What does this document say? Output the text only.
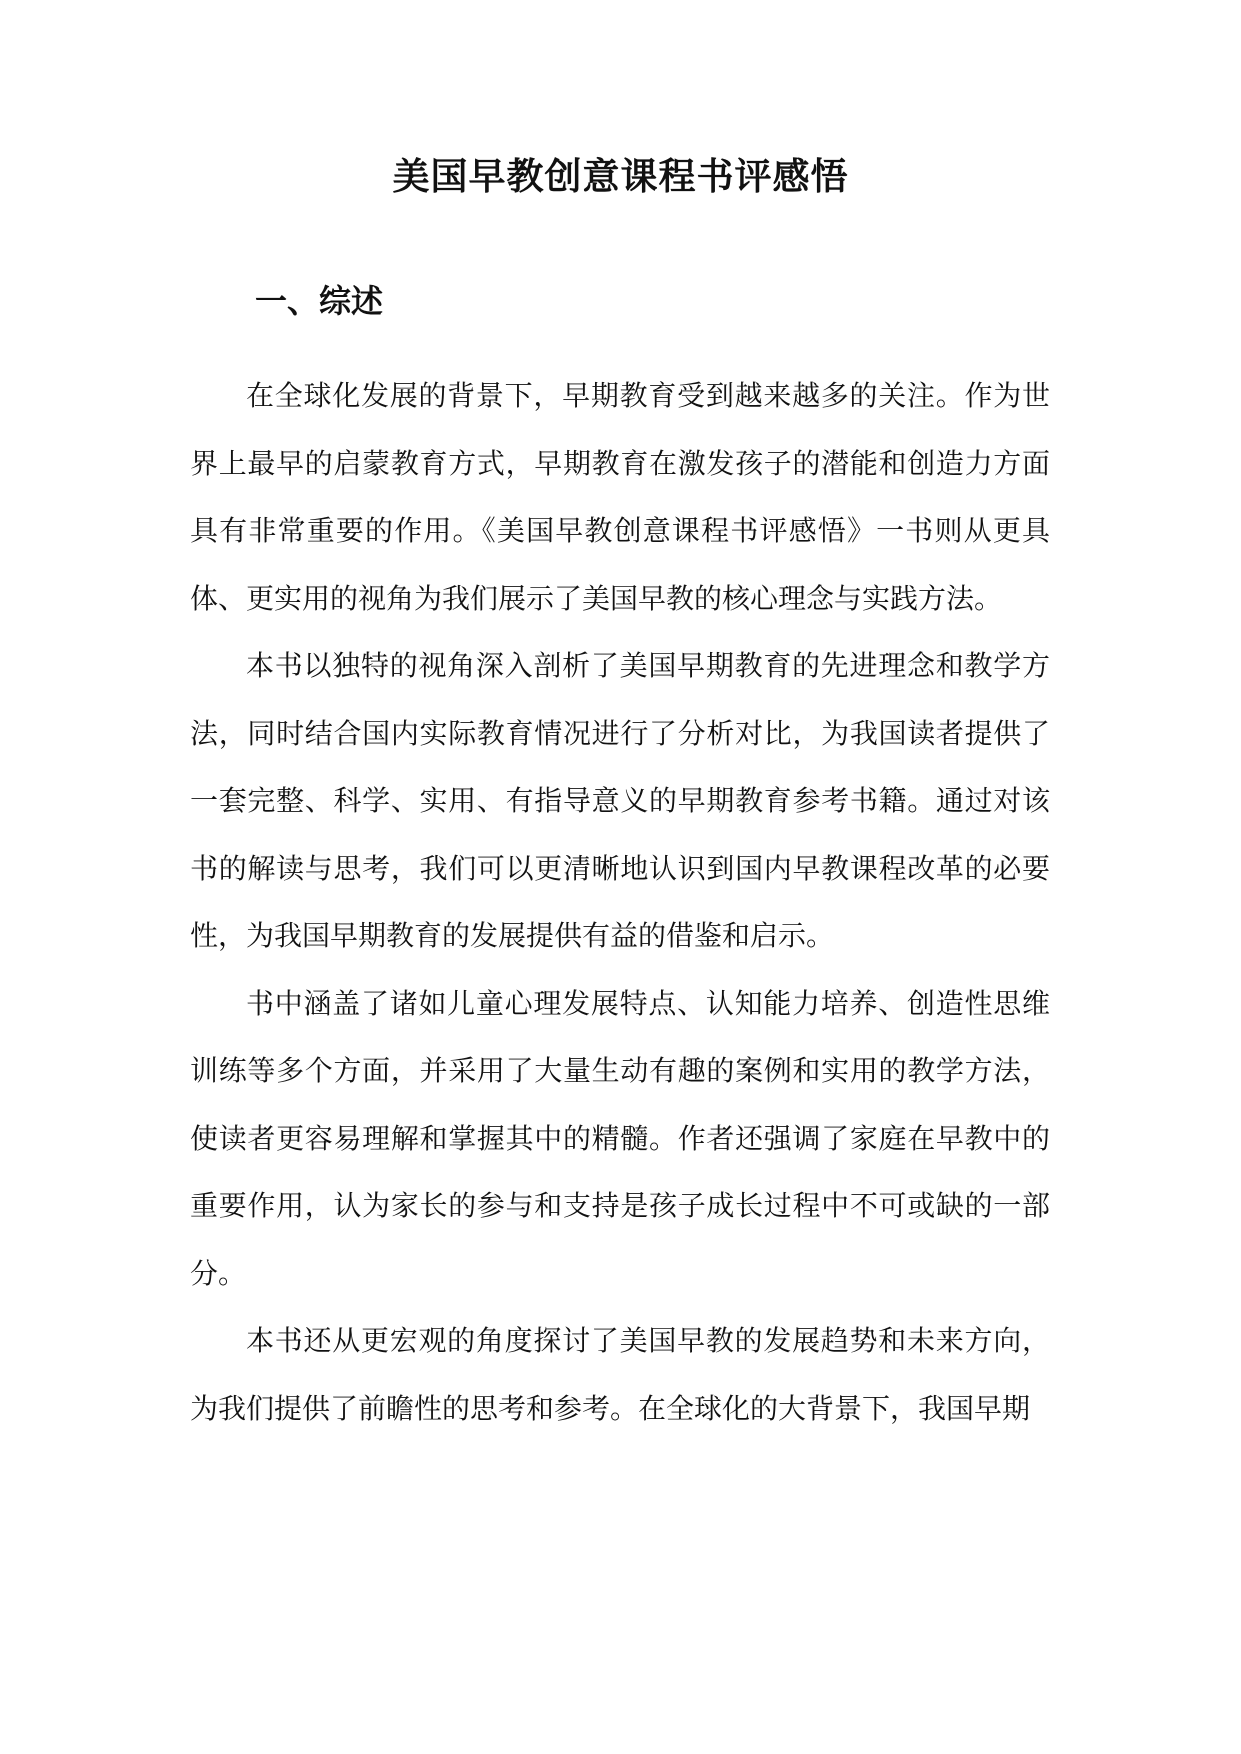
美国早教创意课程书评感悟
一、综述

在全球化发展的背景下，早期教育受到越来越多的关注。作为世界上最早的启蒙教育方式，早期教育在激发孩子的潜能和创造力方面具有非常重要的作用。《美国早教创意课程书评感悟》一书则从更具体、更实用的视角为我们展示了美国早教的核心理念与实践方法。

本书以独特的视角深入剖析了美国早期教育的先进理念和教学方法，同时结合国内实际教育情况进行了分析对比，为我国读者提供了一套完整、科学、实用、有指导意义的早期教育参考书籍。通过对该书的解读与思考，我们可以更清晰地认识到国内早教课程改革的必要性，为我国早期教育的发展提供有益的借鉴和启示。

书中涵盖了诸如儿童心理发展特点、认知能力培养、创造性思维训练等多个方面，并采用了大量生动有趣的案例和实用的教学方法，使读者更容易理解和掌握其中的精髓。作者还强调了家庭在早教中的重要作用，认为家长的参与和支持是孩子成长过程中不可或缺的一部分。

本书还从更宏观的角度探讨了美国早教的发展趋势和未来方向，为我们提供了前瞻性的思考和参考。在全球化的大背景下，我国早期
